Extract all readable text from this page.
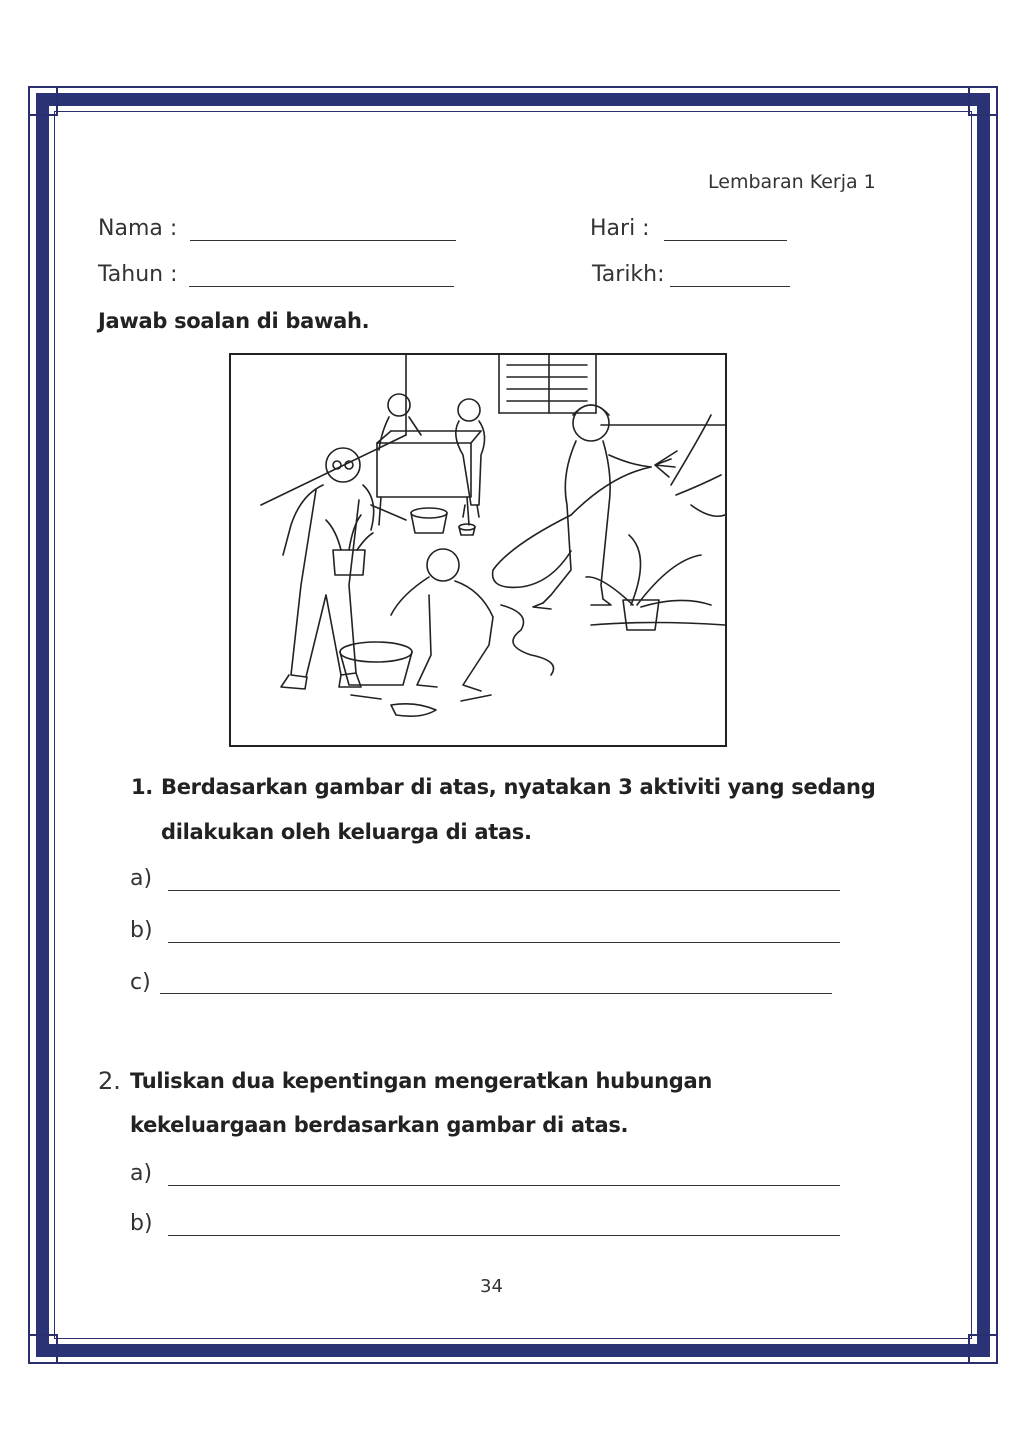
Lembaran Kerja 1
Nama :	Hari :
Tahun :	Tarikh:
Jawab soalan di bawah.
1. Berdasarkan gambar di atas, nyatakan 3 aktiviti yang sedang
dilakukan oleh keluarga di atas.
a)
b)
c)
2. Tuliskan dua kepentingan mengeratkan hubungan
kekeluargaan berdasarkan gambar di atas.
a)
b)
34
